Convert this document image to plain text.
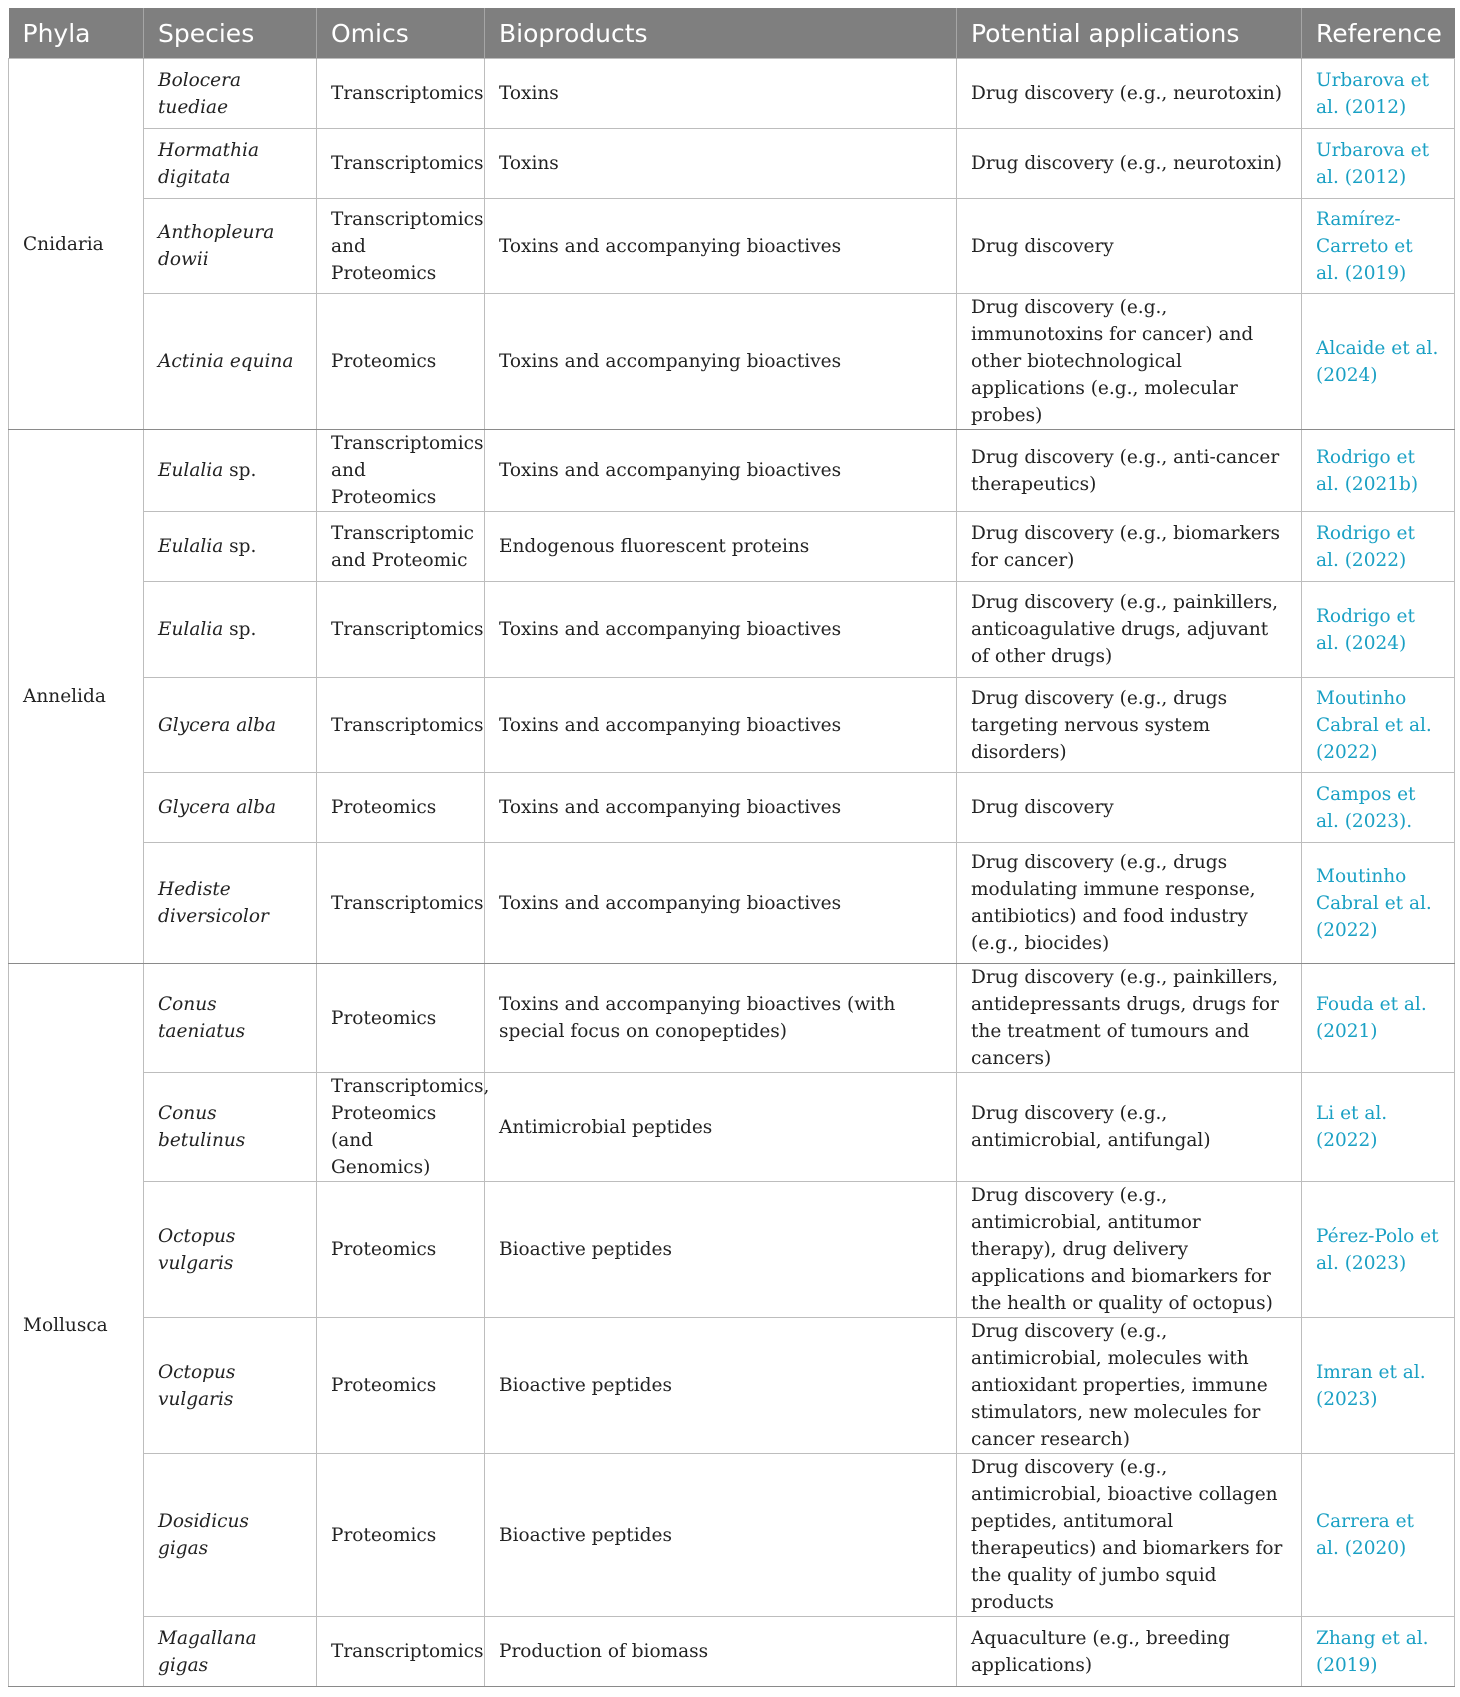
Phyla	Species	Omics	Bioproducts	Potential applications	Reference
Cnidaria	Bolocera tuediae	Transcriptomics	Toxins	Drug discovery (e.g., neurotoxin)	Urbarova et al. (2012)
	Hormathia digitata	Transcriptomics	Toxins	Drug discovery (e.g., neurotoxin)	Urbarova et al. (2012)
	Anthopleura dowii	Transcriptomics and Proteomics	Toxins and accompanying bioactives	Drug discovery	Ramírez-Carreto et al. (2019)
	Actinia equina	Proteomics	Toxins and accompanying bioactives	Drug discovery (e.g., immunotoxins for cancer) and other biotechnological applications (e.g., molecular probes)	Alcaide et al. (2024)
Annelida	Eulalia sp.	Transcriptomics and Proteomics	Toxins and accompanying bioactives	Drug discovery (e.g., anti-cancer therapeutics)	Rodrigo et al. (2021b)
	Eulalia sp.	Transcriptomic and Proteomic	Endogenous fluorescent proteins	Drug discovery (e.g., biomarkers for cancer)	Rodrigo et al. (2022)
	Eulalia sp.	Transcriptomics	Toxins and accompanying bioactives	Drug discovery (e.g., painkillers, anticoagulative drugs, adjuvant of other drugs)	Rodrigo et al. (2024)
	Glycera alba	Transcriptomics	Toxins and accompanying bioactives	Drug discovery (e.g., drugs targeting nervous system disorders)	Moutinho Cabral et al. (2022)
	Glycera alba	Proteomics	Toxins and accompanying bioactives	Drug discovery	Campos et al. (2023).
	Hediste diversicolor	Transcriptomics	Toxins and accompanying bioactives	Drug discovery (e.g., drugs modulating immune response, antibiotics) and food industry (e.g., biocides)	Moutinho Cabral et al. (2022)
Mollusca	Conus taeniatus	Proteomics	Toxins and accompanying bioactives (with special focus on conopeptides)	Drug discovery (e.g., painkillers, antidepressants drugs, drugs for the treatment of tumours and cancers)	Fouda et al. (2021)
	Conus betulinus	Transcriptomics, Proteomics (and Genomics)	Antimicrobial peptides	Drug discovery (e.g., antimicrobial, antifungal)	Li et al. (2022)
	Octopus vulgaris	Proteomics	Bioactive peptides	Drug discovery (e.g., antimicrobial, antitumor therapy), drug delivery applications and biomarkers for the health or quality of octopus)	Pérez-Polo et al. (2023)
	Octopus vulgaris	Proteomics	Bioactive peptides	Drug discovery (e.g., antimicrobial, molecules with antioxidant properties, immune stimulators, new molecules for cancer research)	Imran et al. (2023)
	Dosidicus gigas	Proteomics	Bioactive peptides	Drug discovery (e.g., antimicrobial, bioactive collagen peptides, antitumoral therapeutics) and biomarkers for the quality of jumbo squid products	Carrera et al. (2020)
	Magallana gigas	Transcriptomics	Production of biomass	Aquaculture (e.g., breeding applications)	Zhang et al. (2019)
